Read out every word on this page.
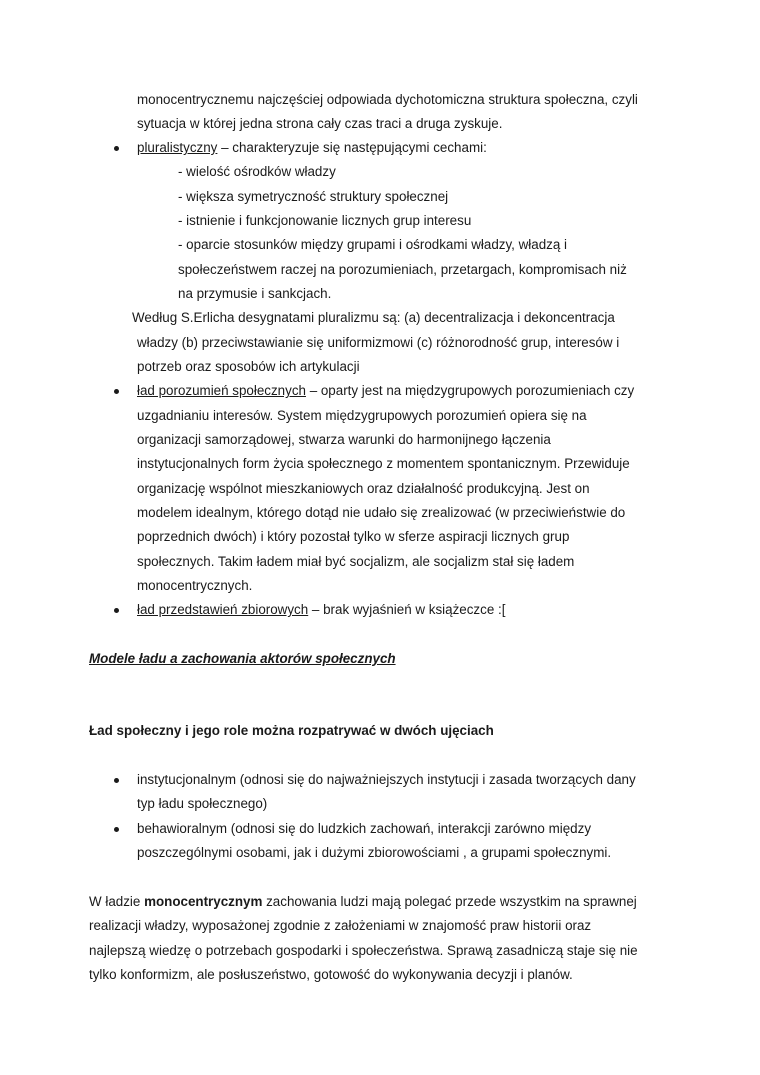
monocentrycznemu najczęściej odpowiada dychotomiczna struktura społeczna, czyli
sytuacja w której jedna strona cały czas traci a druga zyskuje.
pluralistyczny – charakteryzuje się następującymi cechami:
- wielość ośrodków władzy
- większa symetryczność struktury społecznej
- istnienie i funkcjonowanie licznych grup interesu
- oparcie stosunków między grupami i ośrodkami władzy, władzą i
społeczeństwem raczej na porozumieniach, przetargach, kompromisach niż
na przymusie i sankcjach.
Według S.Erlicha desygnatami pluralizmu są: (a) decentralizacja i dekoncentracja
władzy (b) przeciwstawianie się uniformizmowi (c) różnorodność grup, interesów i
potrzeb oraz sposobów ich artykulacji
ład porozumień społecznych – oparty jest na międzygrupowych porozumieniach czy
uzgadnianiu interesów. System międzygrupowych porozumień opiera się na
organizacji samorządowej, stwarza warunki do harmonijnego łączenia
instytucjonalnych form życia społecznego z momentem spontanicznym. Przewiduje
organizację wspólnot mieszkaniowych oraz działalność produkcyjną. Jest on
modelem idealnym, którego dotąd nie udało się zrealizować (w przeciwieństwie do
poprzednich dwóch) i który pozostał tylko w sferze aspiracji licznych grup
społecznych. Takim ładem miał być socjalizm, ale socjalizm stał się ładem
monocentrycznych.
ład przedstawień zbiorowych – brak wyjaśnień w książeczce :[
Modele ładu a zachowania aktorów społecznych
Ład społeczny i jego role można rozpatrywać w dwóch ujęciach
instytucjonalnym (odnosi się do najważniejszych instytucji i zasada tworzących dany
typ ładu społecznego)
behawioralnym (odnosi się do ludzkich zachowań, interakcji zarówno między
poszczególnymi osobami, jak i dużymi zbiorowościami , a grupami społecznymi.
W ładzie monocentrycznym zachowania ludzi mają polegać przede wszystkim na sprawnej
realizacji władzy, wyposażonej zgodnie z założeniami w znajomość praw historii oraz
najlepszą wiedzę o potrzebach gospodarki i społeczeństwa. Sprawą zasadniczą staje się nie
tylko konformizm, ale posłuszeństwo, gotowość do wykonywania decyzji i planów.
